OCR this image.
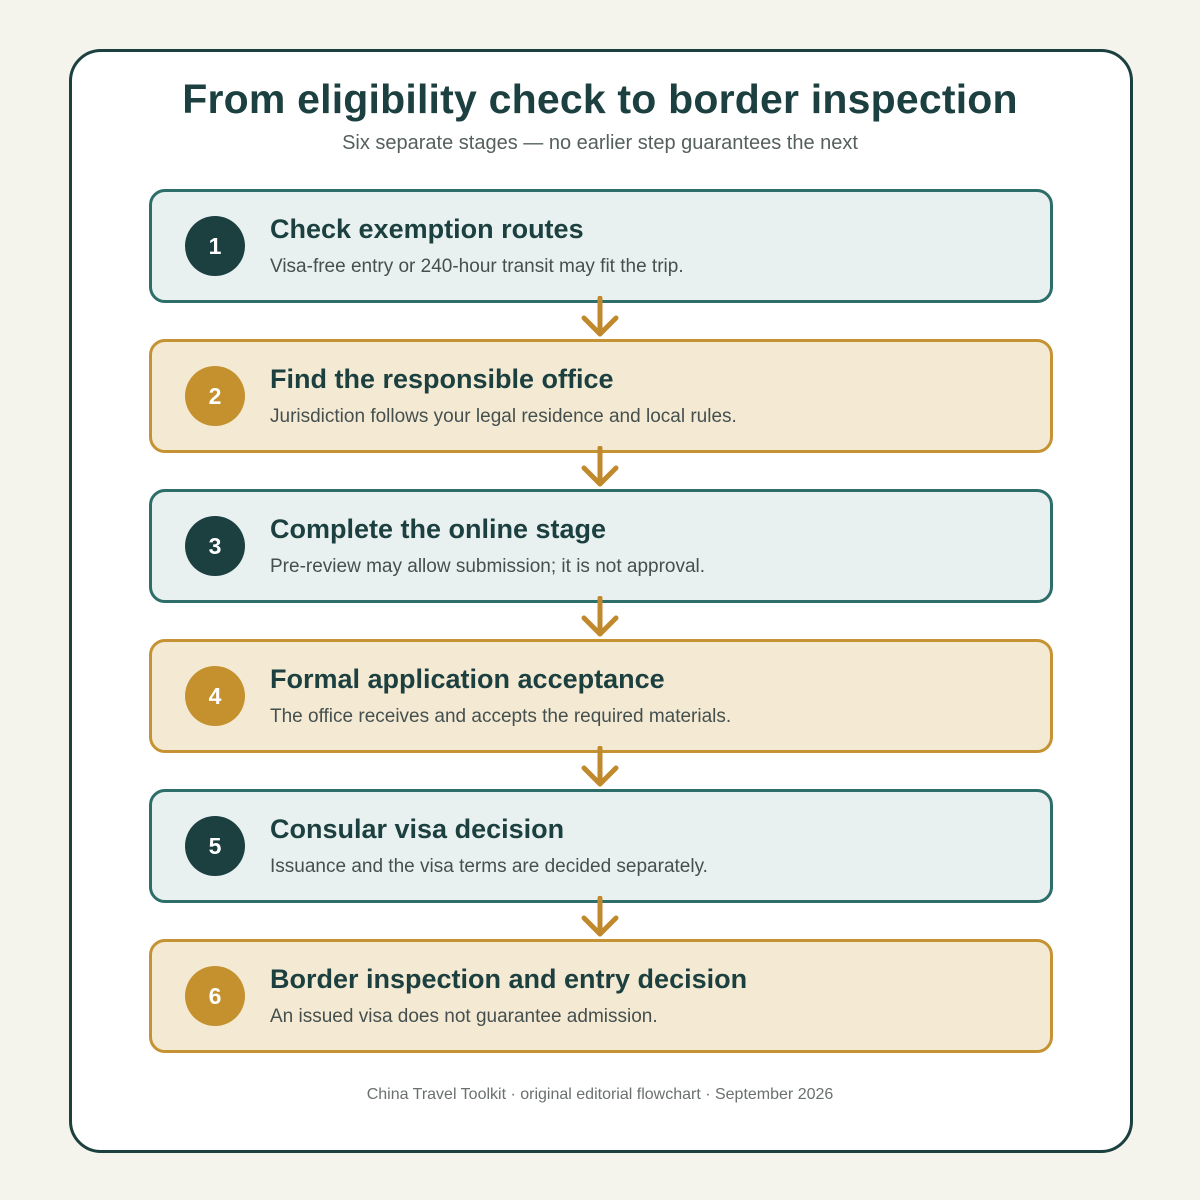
From eligibility check to border inspection
Six separate stages — no earlier step guarantees the next
1
Check exemption routes
Visa-free entry or 240-hour transit may fit the trip.
2
Find the responsible office
Jurisdiction follows your legal residence and local rules.
3
Complete the online stage
Pre-review may allow submission; it is not approval.
4
Formal application acceptance
The office receives and accepts the required materials.
5
Consular visa decision
Issuance and the visa terms are decided separately.
6
Border inspection and entry decision
An issued visa does not guarantee admission.
China Travel Toolkit · original editorial flowchart · September 2026
